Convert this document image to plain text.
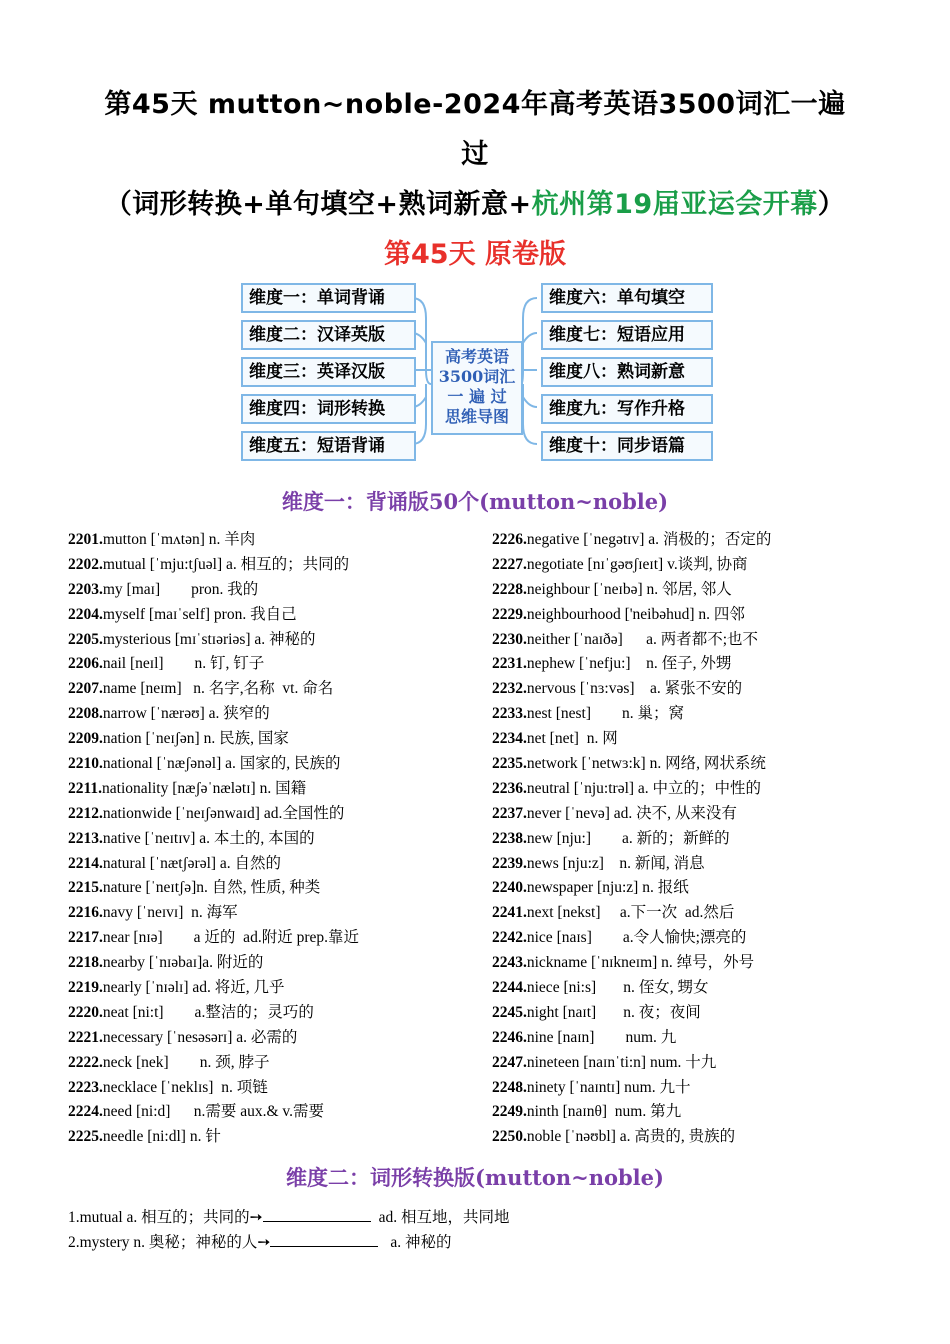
第45天 mutton~noble-2024年高考英语3500词汇一遍
过
（词形转换+单句填空+熟词新意+杭州第19届亚运会开幕）
第45天 原卷版
维度一：单词背诵
维度二：汉译英版
维度三：英译汉版
维度四：词形转换
维度五：短语背诵
高考英语
3500词汇
一 遍 过
思维导图
维度六：单句填空
维度七：短语应用
维度八：熟词新意
维度九：写作升格
维度十：同步语篇
维度一：背诵版50个(mutton~noble)
2201.mutton [ˈmʌtən] n. 羊肉
2202.mutual [ˈmju:tʃuəl] a. 相互的；共同的
2203.my [maɪ]        pron. 我的
2204.myself [maɪˈself] pron. 我自己
2205.mysterious [mɪˈstɪəriəs] a. 神秘的
2206.nail [neɪl]        n. 钉, 钉子
2207.name [neɪm]   n. 名字,名称  vt. 命名
2208.narrow [ˈnærəʊ] a. 狭窄的
2209.nation [ˈneɪʃən] n. 民族, 国家
2210.national [ˈnæʃənəl] a. 国家的, 民族的
2211.nationality [næʃəˈnælətɪ] n. 国籍
2212.nationwide [ˈneɪʃənwaɪd] ad.全国性的
2213.native [ˈneɪtɪv] a. 本土的, 本国的
2214.natural [ˈnætʃərəl] a. 自然的
2215.nature [ˈneɪtʃə]n. 自然, 性质, 种类
2216.navy [ˈneɪvɪ]  n. 海军
2217.near [nɪə]        a 近的  ad.附近 prep.靠近
2218.nearby [ˈnɪəbaɪ]a. 附近的
2219.nearly [ˈnɪəlɪ] ad. 将近, 几乎
2220.neat [ni:t]        a.整洁的；灵巧的
2221.necessary [ˈnesəsərɪ] a. 必需的
2222.neck [nek]        n. 颈, 脖子
2223.necklace [ˈneklɪs]  n. 项链
2224.need [ni:d]      n.需要 aux.& v.需要
2225.needle [ni:dl] n. 针
2226.negative [ˈnegətɪv] a. 消极的；否定的
2227.negotiate [nɪˈgəʊʃɪeɪt] v.谈判, 协商
2228.neighbour [ˈneɪbə] n. 邻居, 邻人
2229.neighbourhood ['neibəhud] n. 四邻
2230.neither [ˈnaɪðə]      a. 两者都不;也不
2231.nephew [ˈnefju:]    n. 侄子, 外甥
2232.nervous [ˈnɜ:vəs]    a. 紧张不安的
2233.nest [nest]        n. 巢；窝
2234.net [net]  n. 网
2235.network [ˈnetwɜ:k] n. 网络, 网状系统
2236.neutral [ˈnju:trəl] a. 中立的；中性的
2237.never [ˈnevə] ad. 决不, 从来没有
2238.new [nju:]        a. 新的；新鲜的
2239.news [nju:z]    n. 新闻, 消息
2240.newspaper [nju:z] n. 报纸
2241.next [nekst]     a.下一次  ad.然后
2242.nice [naɪs]        a.令人愉快;漂亮的
2243.nickname [ˈnɪkneɪm] n. 绰号，外号
2244.niece [ni:s]       n. 侄女, 甥女
2245.night [naɪt]       n. 夜；夜间
2246.nine [naɪn]        num. 九
2247.nineteen [naɪnˈti:n] num. 十九
2248.ninety [ˈnaɪntɪ] num. 九十
2249.ninth [naɪnθ]  num. 第九
2250.noble [ˈnəʊbl] a. 高贵的, 贵族的
维度二：词形转换版(mutton~noble)
1.mutual a. 相互的；共同的➙	ad. 相互地，共同地
2.mystery n. 奥秘；神秘的人➙	a. 神秘的
